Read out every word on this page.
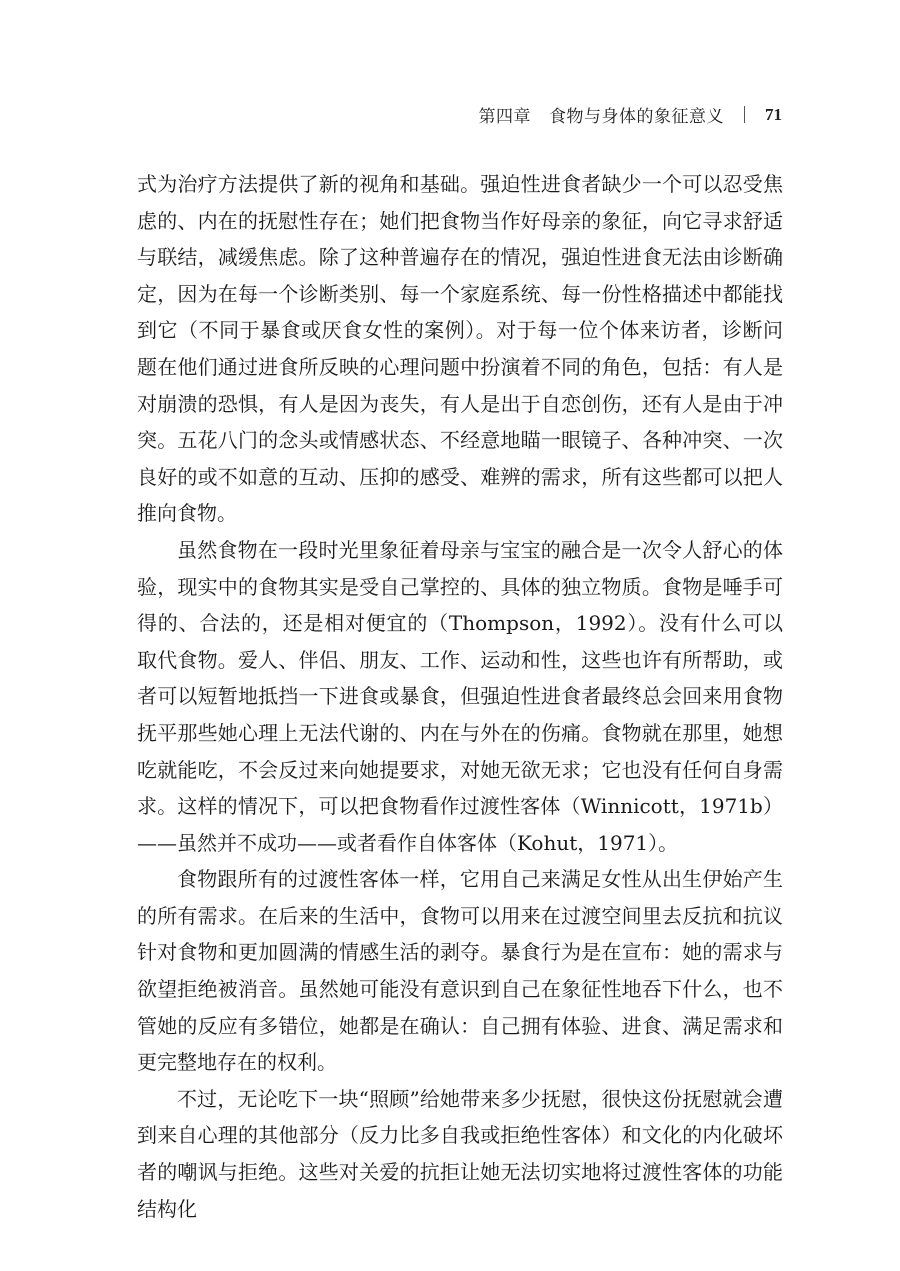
第四章 食物与身体的象征意义 71

式为治疗方法提供了新的视角和基础。强迫性进食者缺少一个可以忍受焦虑的、内在的抚慰性存在；她们把食物当作好母亲的象征，向它寻求舒适与联结，减缓焦虑。除了这种普遍存在的情况，强迫性进食无法由诊断确定，因为在每一个诊断类别、每一个家庭系统、每一份性格描述中都能找到它（不同于暴食或厌食女性的案例）。对于每一位个体来访者，诊断问题在他们通过进食所反映的心理问题中扮演着不同的角色，包括：有人是对崩溃的恐惧，有人是因为丧失，有人是出于自恋创伤，还有人是由于冲突。五花八门的念头或情感状态、不经意地瞄一眼镜子、各种冲突、一次良好的或不如意的互动、压抑的感受、难辨的需求，所有这些都可以把人推向食物。

虽然食物在一段时光里象征着母亲与宝宝的融合是一次令人舒心的体验，现实中的食物其实是受自己掌控的、具体的独立物质。食物是唾手可得的、合法的，还是相对便宜的（Thompson，1992）。没有什么可以取代食物。爱人、伴侣、朋友、工作、运动和性，这些也许有所帮助，或者可以短暂地抵挡一下进食或暴食，但强迫性进食者最终总会回来用食物抚平那些她心理上无法代谢的、内在与外在的伤痛。食物就在那里，她想吃就能吃，不会反过来向她提要求，对她无欲无求；它也没有任何自身需求。这样的情况下，可以把食物看作过渡性客体（Winnicott，1971b）——虽然并不成功——或者看作自体客体（Kohut，1971）。

食物跟所有的过渡性客体一样，它用自己来满足女性从出生伊始产生的所有需求。在后来的生活中，食物可以用来在过渡空间里去反抗和抗议针对食物和更加圆满的情感生活的剥夺。暴食行为是在宣布：她的需求与欲望拒绝被消音。虽然她可能没有意识到自己在象征性地吞下什么，也不管她的反应有多错位，她都是在确认：自己拥有体验、进食、满足需求和更完整地存在的权利。

不过，无论吃下一块“照顾”给她带来多少抚慰，很快这份抚慰就会遭到来自心理的其他部分（反力比多自我或拒绝性客体）和文化的内化破坏者的嘲讽与拒绝。这些对关爱的抗拒让她无法切实地将过渡性客体的功能结构化
